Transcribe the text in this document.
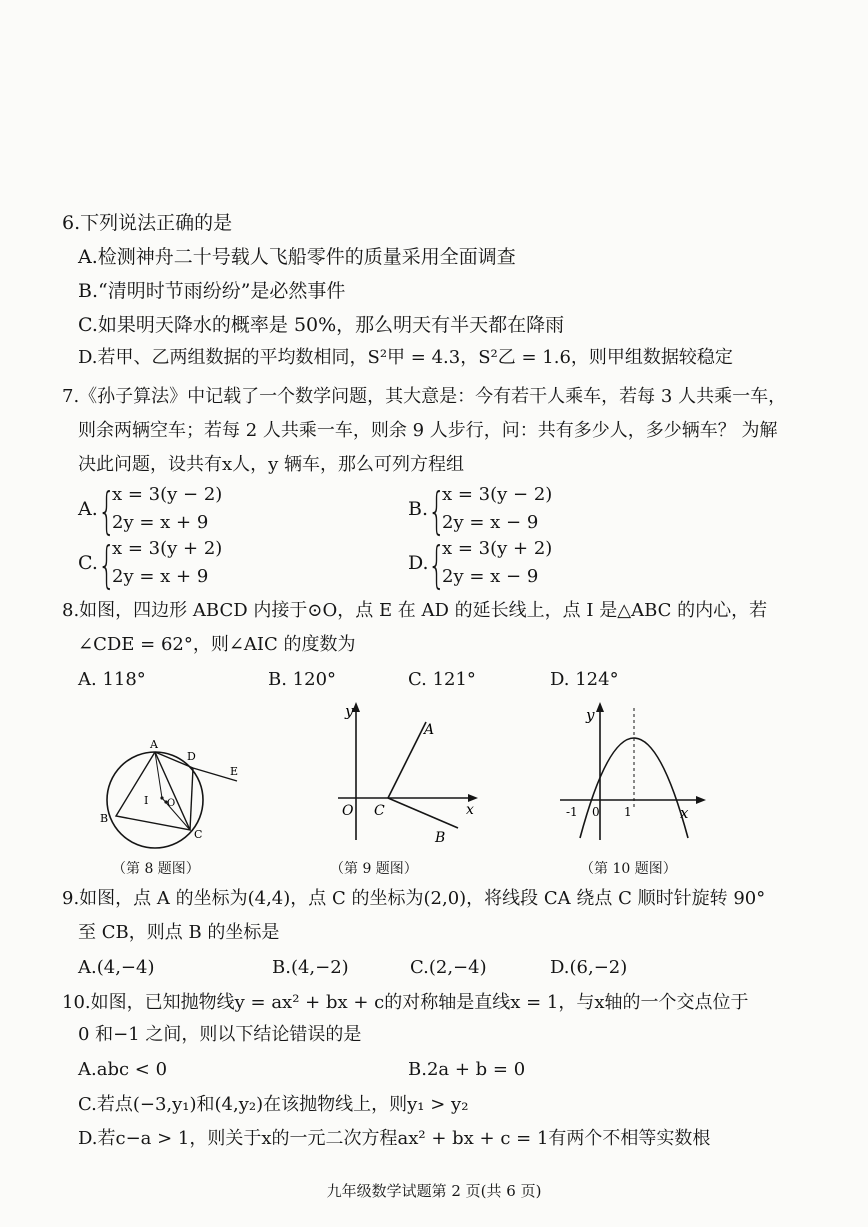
6.下列说法正确的是
A.检测神舟二十号载人飞船零件的质量采用全面调查
B.“清明时节雨纷纷”是必然事件
C.如果明天降水的概率是 50%，那么明天有半天都在降雨
D.若甲、乙两组数据的平均数相同，S²甲 = 4.3，S²乙 = 1.6，则甲组数据较稳定
7.《孙子算法》中记载了一个数学问题，其大意是：今有若干人乘车，若每 3 人共乘一车，
则余两辆空车；若每 2 人共乘一车，则余 9 人步行，问：共有多少人，多少辆车？ 为解
决此问题，设共有x人，y 辆车，那么可列方程组
A. {
x = 3(y − 2)
2y = x + 9
B. {
x = 3(y − 2)
2y = x − 9
C. {
x = 3(y + 2)
2y = x + 9
D. {
x = 3(y + 2)
2y = x − 9
8.如图，四边形 ABCD 内接于⊙O，点 E 在 AD 的延长线上，点 I 是△ABC 的内心，若
∠CDE = 62°，则∠AIC 的度数为
A. 118°	B. 120°	C. 121°	D. 124°
A
D
E
B
C
I O
（第 8 题图）
y
A
O C	x
B
（第 9 题图）
y
-1 0 1	x
（第 10 题图）
9.如图，点 A 的坐标为(4,4)，点 C 的坐标为(2,0)，将线段 CA 绕点 C 顺时针旋转 90°
至 CB，则点 B 的坐标是
A.(4,−4)	B.(4,−2)	C.(2,−4)	D.(6,−2)
10.如图，已知抛物线y = ax² + bx + c的对称轴是直线x = 1，与x轴的一个交点位于
0 和−1 之间，则以下结论错误的是
A.abc < 0	B.2a + b = 0
C.若点(−3,y₁)和(4,y₂)在该抛物线上，则y₁ > y₂
D.若c−a > 1，则关于x的一元二次方程ax² + bx + c = 1有两个不相等实数根
九年级数学试题第 2 页(共 6 页)
